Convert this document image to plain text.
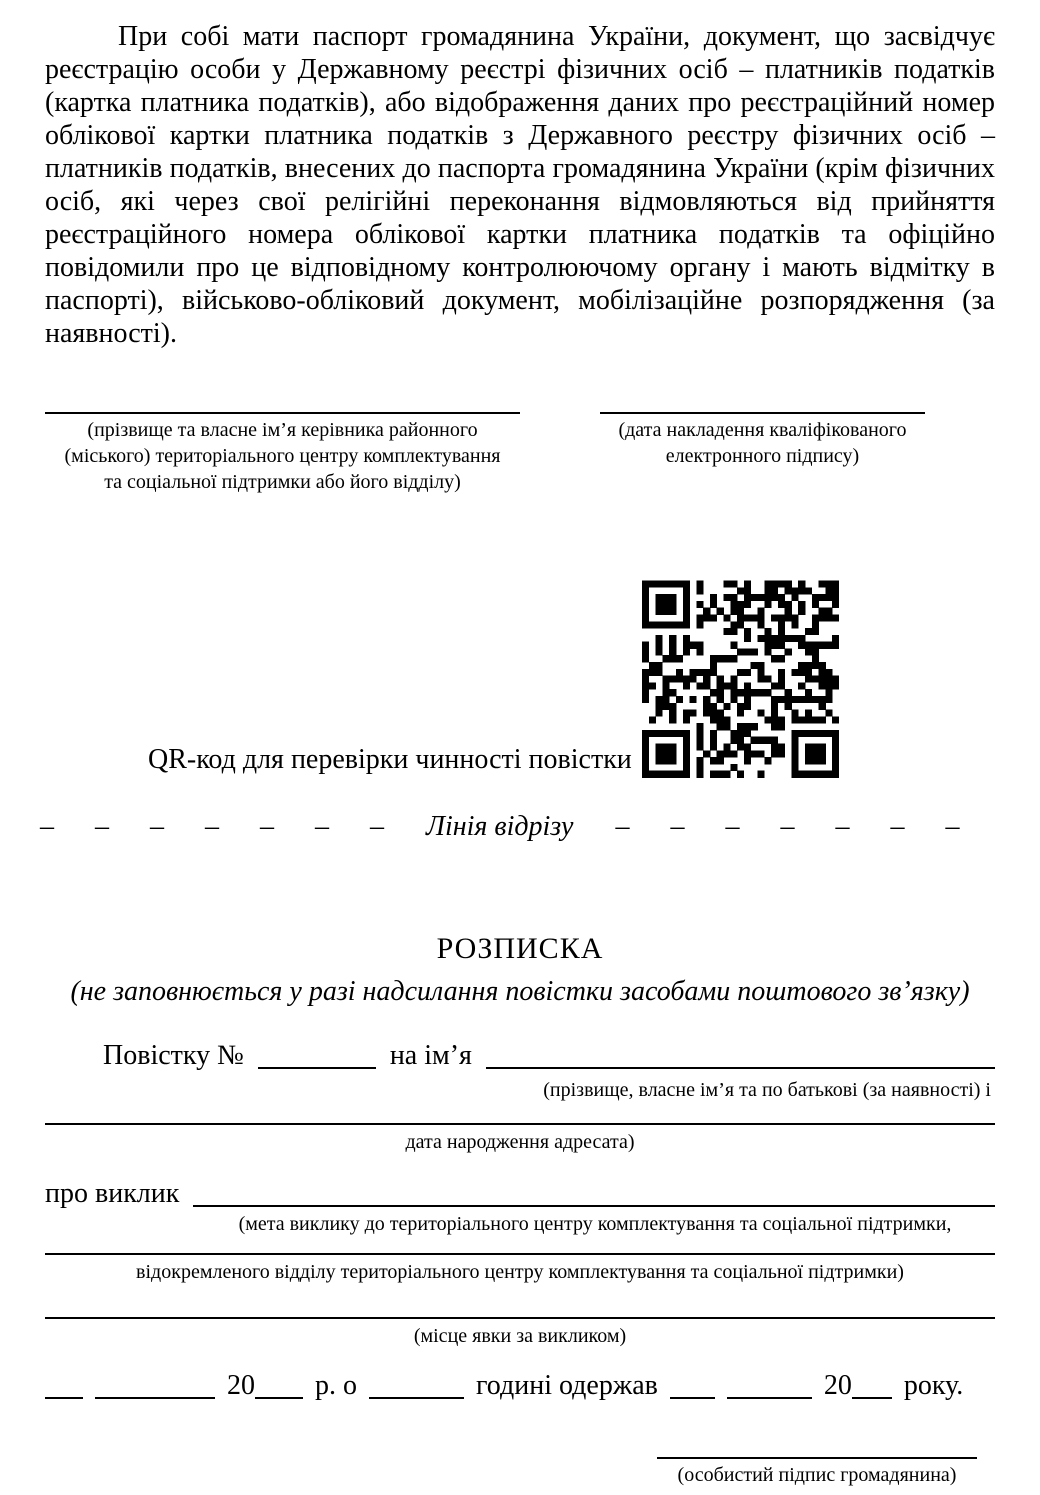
При собі мати паспорт громадянина України, документ, що засвідчує реєстрацію особи у Державному реєстрі фізичних осіб – платників податків (картка платника податків), або відображення даних про реєстраційний номер облікової картки платника податків з Державного реєстру фізичних осіб – платників податків, внесених до паспорта громадянина України (крім фізичних осіб, які через свої релігійні переконання відмовляються від прийняття реєстраційного номера облікової картки платника податків та офіційно повідомили про це відповідному контролюючому органу і мають відмітку в паспорті), військово-обліковий документ, мобілізаційне розпорядження (за наявності).

(прізвище та власне ім’я керівника районного
(міського) територіального центру комплектування
та соціальної підтримки або його відділу)
(дата накладення кваліфікованого
електронного підпису)
QR-код для перевірки чинності повістки
– – – – – – – Лінія відрізу – – – – – – –
РОЗПИСКА
(не заповнюється у разі надсилання повістки засобами поштового зв’язку)
Повістку №	на ім’я
(прізвище, власне ім’я та по батькові (за наявності) і
дата народження адресата)
про виклик
(мета виклику до територіального центру комплектування та соціальної підтримки,
відокремленого відділу територіального центру комплектування та соціальної підтримки)
(місце явки за викликом)
20 р. о	годині одержав	20 року.
(особистий підпис громадянина)
